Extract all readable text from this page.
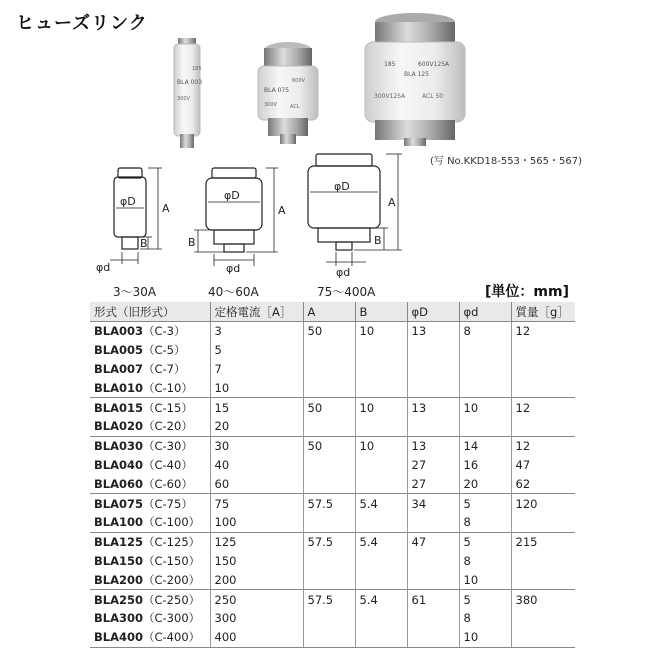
ヒューズリンク
185
BLA 003
300V
600V
BLA 075
300V	ACL
185	600V125A
BLA 125
300V125A	ACL 50
(写 No.KKD18-553・565・567)
φD
A
B
φd
φD
A
B
φd
φD
A
B
φd
3～30A	40～60A	75～400A	[単位：mm]
形式（旧形式）	定格電流［A］	A	B	φD	φd	質量［g］
BLA003（C-3）	3	50	10	13	8	12
BLA005（C-5）	5					
BLA007（C-7）	7					
BLA010（C-10）	10					
BLA015（C-15）	15	50	10	13	10	12
BLA020（C-20）	20					
BLA030（C-30）	30	50	10	13	14	12
BLA040（C-40）	40			27	16	47
BLA060（C-60）	60			27	20	62
BLA075（C-75）	75	57.5	5.4	34	5	120
BLA100（C-100）	100				8	
BLA125（C-125）	125	57.5	5.4	47	5	215
BLA150（C-150）	150				8	
BLA200（C-200）	200				10	
BLA250（C-250）	250	57.5	5.4	61	5	380
BLA300（C-300）	300				8	
BLA400（C-400）	400				10	
